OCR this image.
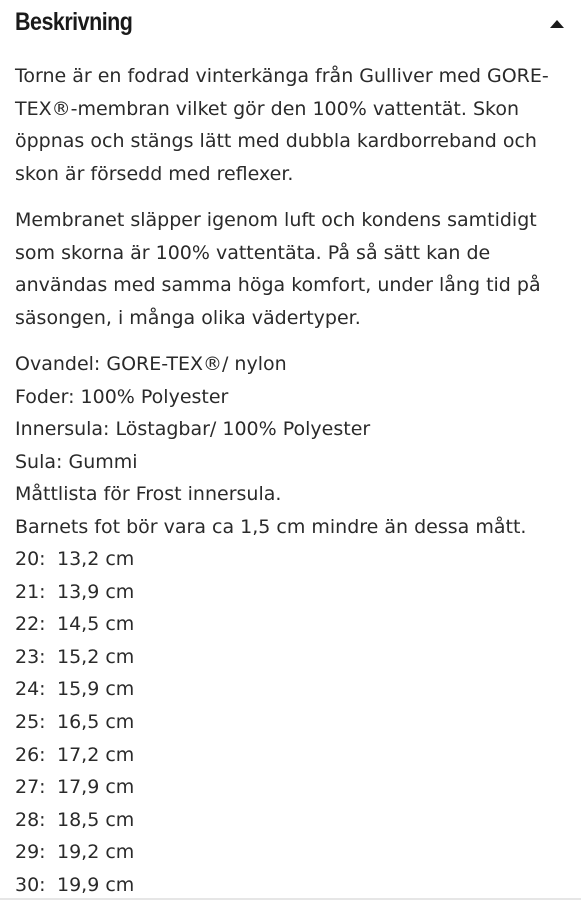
Beskrivning

Torne är en fodrad vinterkänga från Gulliver med GORE-TEX®-membran vilket gör den 100% vattentät. Skon öppnas och stängs lätt med dubbla kardborreband och skon är försedd med reflexer.

Membranet släpper igenom luft och kondens samtidigt som skorna är 100% vattentäta. På så sätt kan de användas med samma höga komfort, under lång tid på säsongen, i många olika vädertyper.

Ovandel: GORE-TEX®/ nylon
Foder: 100% Polyester
Innersula: Löstagbar/ 100% Polyester
Sula: Gummi
Måttlista för Frost innersula.
Barnets fot bör vara ca 1,5 cm mindre än dessa mått.
20: 13,2 cm
21: 13,9 cm
22: 14,5 cm
23: 15,2 cm
24: 15,9 cm
25: 16,5 cm
26: 17,2 cm
27: 17,9 cm
28: 18,5 cm
29: 19,2 cm
30: 19,9 cm
